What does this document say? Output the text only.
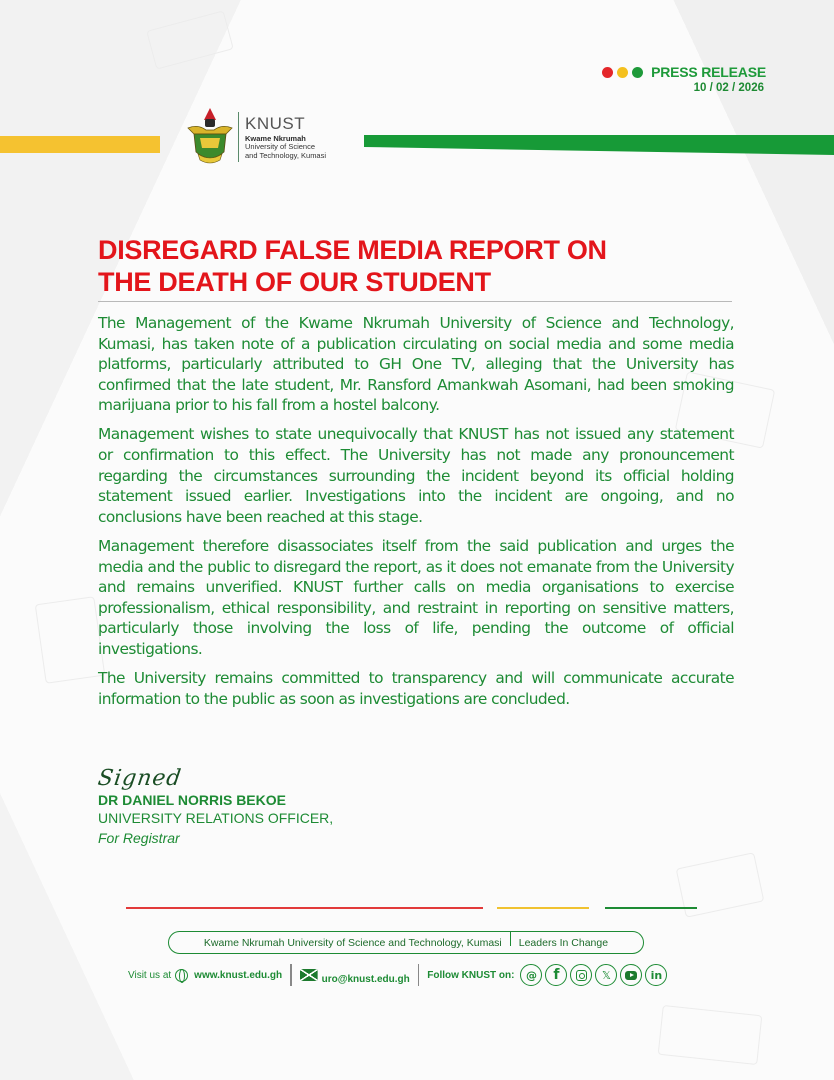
PRESS RELEASE
10 / 02 / 2026
KNUST
Kwame Nkrumah
University of Science
and Technology, Kumasi
DISREGARD FALSE MEDIA REPORT ON
THE DEATH OF OUR STUDENT

The Management of the Kwame Nkrumah University of Science and Technology, Kumasi, has taken note of a publication circulating on social media and some media platforms, particularly attributed to GH One TV, alleging that the University has confirmed that the late student, Mr. Ransford Amankwah Asomani, had been smoking marijuana prior to his fall from a hostel balcony.

Management wishes to state unequivocally that KNUST has not issued any statement or confirmation to this effect. The University has not made any pronouncement regarding the circumstances surrounding the incident beyond its official holding statement issued earlier. Investigations into the incident are ongoing, and no conclusions have been reached at this stage.

Management therefore disassociates itself from the said publication and urges the media and the public to disregard the report, as it does not emanate from the University and remains unverified. KNUST further calls on media organisations to exercise professionalism, ethical responsibility, and restraint in reporting on sensitive matters, particularly those involving the loss of life, pending the outcome of official investigations.

The University remains committed to transparency and will communicate accurate information to the public as soon as investigations are concluded.

Signed
DR DANIEL NORRIS BEKOE
UNIVERSITY RELATIONS OFFICER,
For Registrar
Kwame Nkrumah University of Science and Technology, Kumasi Leaders In Change
Visit us at www.knust.edu.gh	uro@knust.edu.gh Follow KNUST on:	@	f	𝕏	in
